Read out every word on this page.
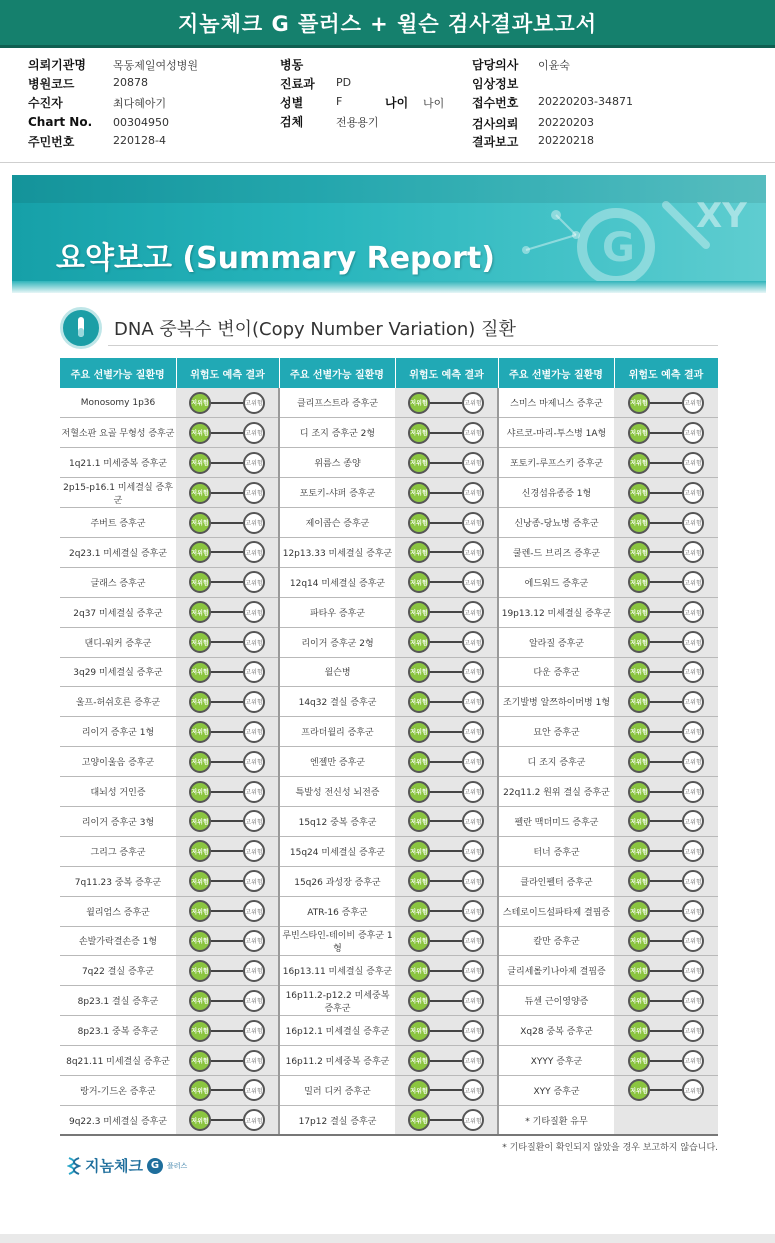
지놈체크 G 플러스 + 윌슨 검사결과보고서
의뢰기관명 목동제일여성병원
병원코드	20878
수진자	최다혜아기
Chart No. 00304950
주민번호	220128-4
병동
진료과 PD
성별	F	나이 나이
검체	전용용기
담당의사 이윤숙
임상정보
접수번호 20220203-34871
검사의뢰 20220203
결과보고 20220218
G
XY
요약보고 (Summary Report)
DNA 중복수 변이(Copy Number Variation) 질환
주요 선별가능 질환명	위험도 예측 결과	주요 선별가능 질환명	위험도 예측 결과	주요 선별가능 질환명	위험도 예측 결과
Monosomy 1p36	저위험 고위험	클리프스트라 증후군	저위험 고위험	스미스 마제니스 증후군	저위험 고위험

저혈소판 요골 무형성 증후군	저위험 고위험	디 조지 증후군 2형	저위험 고위험	샤르코-마리-투스병 1A형	저위험 고위험

1q21.1 미세중복 증후군	저위험 고위험	위름스 종양	저위험 고위험	포토키-루프스키 증후군	저위험 고위험

2p15-p16.1 미세결실 증후군	저위험 고위험	포토키-샤퍼 증후군	저위험 고위험	신경섬유종증 1형	저위험 고위험

주버트 증후군	저위험 고위험	제이콥슨 증후군	저위험 고위험	신낭종-당뇨병 증후군	저위험 고위험

2q23.1 미세결실 증후군	저위험 고위험	12p13.33 미세결실 증후군	저위험 고위험	쿨렌-드 브리즈 증후군	저위험 고위험

글래스 증후군	저위험 고위험	12q14 미세결실 증후군	저위험 고위험	에드워드 증후군	저위험 고위험

2q37 미세결실 증후군	저위험 고위험	파타우 증후군	저위험 고위험	19p13.12 미세결실 증후군	저위험 고위험

댄디-워커 증후군	저위험 고위험	리이거 증후군 2형	저위험 고위험	알라질 증후군	저위험 고위험

3q29 미세결실 증후군	저위험 고위험	윌슨병	저위험 고위험	다운 증후군	저위험 고위험

울프-허쉬호른 증후군	저위험 고위험	14q32 결실 증후군	저위험 고위험	조기발병 알쯔하이머병 1형	저위험 고위험

리이거 증후군 1형	저위험 고위험	프라더윌리 증후군	저위험 고위험	묘안 증후군	저위험 고위험

고양이울음 증후군	저위험 고위험	엔젤만 증후군	저위험 고위험	디 조지 증후군	저위험 고위험

대뇌성 거인증	저위험 고위험	특발성 전신성 뇌전증	저위험 고위험	22q11.2 원위 결실 증후군	저위험 고위험

리이거 증후군 3형	저위험 고위험	15q12 중복 증후군	저위험 고위험	펠란 맥더미드 증후군	저위험 고위험

그리그 증후군	저위험 고위험	15q24 미세결실 증후군	저위험 고위험	터너 증후군	저위험 고위험

7q11.23 중복 증후군	저위험 고위험	15q26 과성장 증후군	저위험 고위험	클라인펠터 증후군	저위험 고위험

윌리엄스 증후군	저위험 고위험	ATR-16 증후군	저위험 고위험	스테로이드설파타제 결핍증	저위험 고위험

손발가락결손증 1형	저위험 고위험	루빈스타인-테이비 증후군 1형	저위험 고위험	칼만 증후군	저위험 고위험

7q22 결실 증후군	저위험 고위험	16p13.11 미세결실 증후군	저위험 고위험	글리세롤키나아제 결핍증	저위험 고위험

8p23.1 결실 증후군	저위험 고위험	16p11.2-p12.2 미세중복 증후군	저위험 고위험	듀센 근이영양증	저위험 고위험

8p23.1 중복 증후군	저위험 고위험	16p12.1 미세결실 증후군	저위험 고위험	Xq28 중복 증후군	저위험 고위험

8q21.11 미세결실 증후군	저위험 고위험	16p11.2 미세중복 증후군	저위험 고위험	XYYY 증후군	저위험 고위험

랑거-기드온 증후군	저위험 고위험	밀러 디커 증후군	저위험 고위험	XYY 증후군	저위험 고위험

9q22.3 미세결실 증후군	저위험 고위험	17p12 결실 증후군	저위험 고위험	* 기타질환 유무	
* 기타질환이 확인되지 않았을 경우 보고하지 않습니다.
지놈체크 G	플러스
